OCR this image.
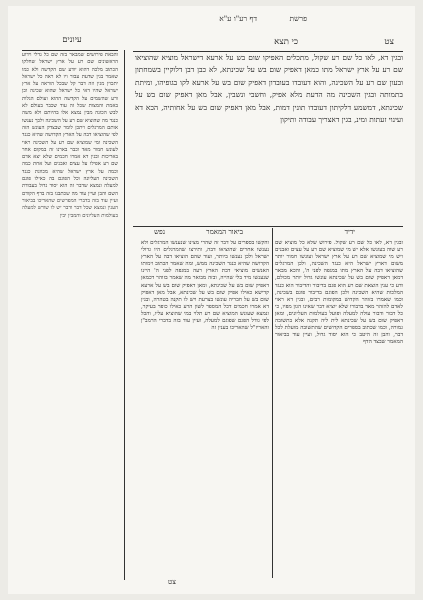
פרשת
דף רע"ו ע"א
צט
כי תצא
ובגין דא, לאו כל שם רע שקול, מתכלים האפיקו שום בש על ארעא דישראל מוציא שהוציאו שם רע על ארץ ישראל מתו כמאן דאפיק שום בש על שכינתא, לא כבן דבן דלוקיין בשמחתון ובעון שם רע על השכינה, והוא דעובדו בעובדון דאפיק שום בש על ארעא לקו בגופיהו, ומיתת בתמותה ובגין השכינה מה הדעת מלא אפיק, וחשבי ונשבין, אבל מאן דאפיק שום בש על שכינתא, דמשמע דלקיתון דעובדו תונין דמות, אבל מאן דאפיק שום בש על אחותיה, הכא דא ועינוי זעתות ומינ, בגין דאצריך עבודה ותיקון
עיונים
והבאת פירושים שמבאר בזה שם כל גדלי וידוע הראשונים שם רע על ארץ ישראל שחלקו הכתוב מלכה דהוא יודע שם הקדשה ולא כמו שאמר בגין שדעת עבור ויו לא ראה כל ישראל יתכוין מגין וזה דבר קל שבכל הוראה על ארץ ישראל שהיו דאי כל ישראל שהוא שכינה וכן ורע שהשמים על הקדשה ההוא ועולם הגלות באמת והמצות שכל זה עוד שכבר בעולם לא לבש הכונה מבין נמצא אלו בהיותם ולא משה כנגד מה שהוציא שם רע על השכינה ולכך נענשו אותם המרגלים ויתכן לומר שבצדק העונש הזה לפי שהוציאו דבה על הארץ הקדושה שהיא כנגד השכינה ומי שמוציא שם רע על השכינה ראוי לעונש חמור מאד וכבר בארנו זה במקום אחר באריכות ובגין דא אמרו חכמים שלא יצא אדם שם רע אפילו על עצים ואבנים ועל אחת כמה וכמה על ארץ ישראל שהיא מכוונת כנגד השכינה העליונה וכל הפוגם בה כאילו פוגם למעלה ונמצא שדבר זה הוא יסוד גדול בעבודת השם והבן ועיין עוד מה שכתבנו בזה בדף הקודם ועיין עוד בזה בדברי המפרשים שהאריכו בביאור הענין ונמצא שכל דבר ודבר יש לו שורש למעלה בעולמות העליונים והמבין יבין
ידיד
ביאור המאמר
נפש
ובגין דא, לאו כל שם רע שקול. פירוש שלא כל מוציא שם רע שוה בעונשו אלא יש מי שמוציא שם רע על עצים ואבנים ויש מי שמוציא שם רע על ארץ ישראל ועונשו חמור יותר משום דארץ ישראל היא כנגד השכינה, ולכן המרגלים שהוציאו דבה על הארץ מתו במגפה לפני ה', והכא מבאר דמאן דאפיק שום בש על שכינתא עונשו גדול יותר מכולם, ודע כי ענין הוצאת שם רע הוא פגם בדיבור והדיבור הוא כנגד המלכות שהיא השכינה ולכן הפוגם בדיבור פוגם בשכינה, וכמו שאמרו בזוהר הקדוש במקומות רבים, ובגין דא ראוי לאדם להזהר מאד בדבורו שלא יוציא דבר שאינו הגון מפיו, כי כל דבור ודבור עולה למעלה ופועל בעולמות העליונים, ומאן דאפיק שום בש על שכינתא לית ליה תקנה אלא בתשובה גמורה, וכמו שכתוב בספרים הקדושים שהתשובה מועלת לכל דבר, והבן זה היטב כי הוא יסוד גדול, ועיין עוד בביאור המאמר שבצד הדף
והקשו בספרים על דבר זה שהרי מצינו שנענשו המרגלים ולא נענשו אחרים שהוציאו דבה, ותירצו שהמרגלים היו גדולי ישראל ולכן נענשו ביותר, ועוד שהם הוציאו דבה על הארץ הקדושה שהיא כנגד השכינה ממש, ומה שאמר הכתוב וימותו האנשים מוציאי דבת הארץ רעה במגפה לפני ה' היינו שנענשו מיד בלי שהייה, ובזה מבואר מה שאמר בזוהר דכמאן דאפיק שום בש על שכינתא, ומאן דאפיק שום בש על ארעא קדישא כאילו אפיק שום בש על שכינתא, אבל מאן דאפיק שום בש על חבריה עונשו בצרעת ויש לו תקנה בטהרה, ובגין דא אמרו חכמים דכל המספר לשון הרע כאילו כופר בעיקר, ונמצא שעונש המוציא שם רע תלוי במי שהוציא עליו, והכל לפי גודל הפגם שפוגם למעלה, ועיין עוד בזה בדברי הרמב"ן והאריז"ל שהאריכו בענין זה
צט
